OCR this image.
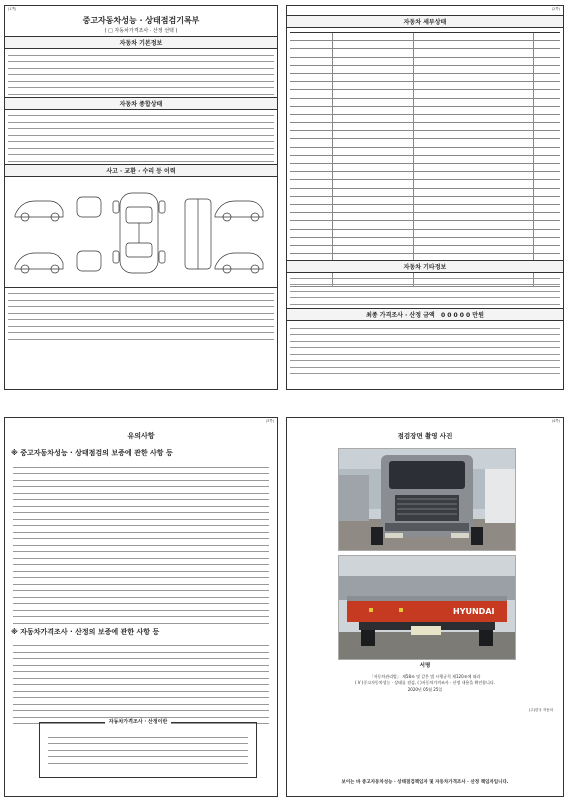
(1쪽)
중고자동차성능 · 상태점검기록부
( □ 자동차가격조사 · 산정 선택 )
자동차 기본정보
자동차 종합상태
사고 · 교환 · 수리 등 이력
(2쪽)
자동차 세부상태
자동차 기타정보
최종 가격조사 · 산정 금액 0 0 0 0 0 만원
(3쪽)
유의사항
※ 중고자동차성능 · 상태점검의 보증에 관한 사항 등
※ 자동차가격조사 · 산정의 보증에 관한 사항 등
자동차가격조사 · 산정이란
(4쪽)
점검장면 촬영 사진
HYUNDAI
서명
「자동차관리법」 제58조 및 같은 법 시행규칙 제120조에 따라
( V )중고자동차성능 · 상태를 점검, ( )자동차가격조사 · 산정 내용을 확인합니다.
2020년 05월 25일
(주)한국 자동차
보이는 바 중고자동차성능 · 상태점검책임자 및 자동차가격조사 · 산정 책임자입니다.
